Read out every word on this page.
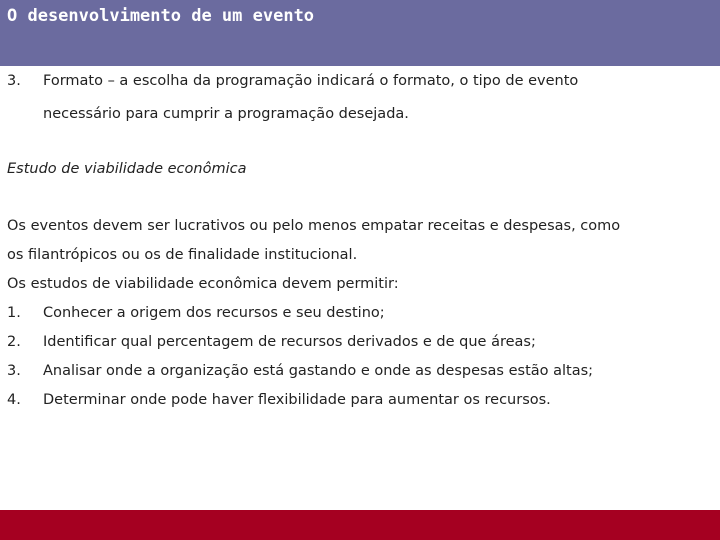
O desenvolvimento de um evento
3. Formato – a escolha da programação indicará o formato, o tipo de evento
necessário para cumprir a programação desejada.
Estudo de viabilidade econômica
Os eventos devem ser lucrativos ou pelo menos empatar receitas e despesas, como
os filantrópicos ou os de finalidade institucional.
Os estudos de viabilidade econômica devem permitir:
1. Conhecer a origem dos recursos e seu destino;
2. Identificar qual percentagem de recursos derivados e de que áreas;
3. Analisar onde a organização está gastando e onde as despesas estão altas;
4. Determinar onde pode haver flexibilidade para aumentar os recursos.
